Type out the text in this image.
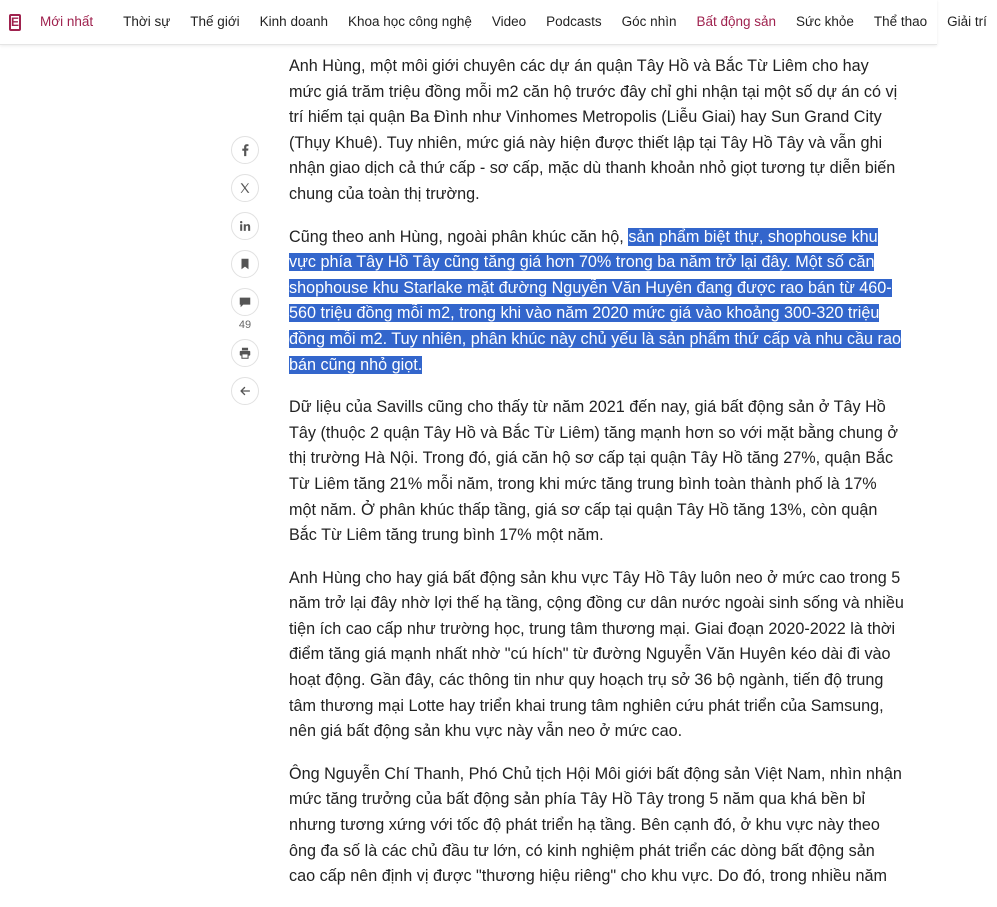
E Mới nhất	Thời sự	Thế giới	Kinh doanh	Khoa học công nghệ	Video	Podcasts	Góc nhìn	Bất động sản	Sức khỏe	Thể thao	Giải trí
49

Anh Hùng, một môi giới chuyên các dự án quận Tây Hồ và Bắc Từ Liêm cho hay mức giá trăm triệu đồng mỗi m2 căn hộ trước đây chỉ ghi nhận tại một số dự án có vị trí hiếm tại quận Ba Đình như Vinhomes Metropolis (Liễu Giai) hay Sun Grand City (Thụy Khuê). Tuy nhiên, mức giá này hiện được thiết lập tại Tây Hồ Tây và vẫn ghi nhận giao dịch cả thứ cấp - sơ cấp, mặc dù thanh khoản nhỏ giọt tương tự diễn biến chung của toàn thị trường.

Cũng theo anh Hùng, ngoài phân khúc căn hộ, sản phẩm biệt thự, shophouse khu vực phía Tây Hồ Tây cũng tăng giá hơn 70% trong ba năm trở lại đây. Một số căn shophouse khu Starlake mặt đường Nguyễn Văn Huyên đang được rao bán từ 460-560 triệu đồng mỗi m2, trong khi vào năm 2020 mức giá vào khoảng 300-320 triệu đồng mỗi m2. Tuy nhiên, phân khúc này chủ yếu là sản phẩm thứ cấp và nhu cầu rao bán cũng nhỏ giọt.

Dữ liệu của Savills cũng cho thấy từ năm 2021 đến nay, giá bất động sản ở Tây Hồ Tây (thuộc 2 quận Tây Hồ và Bắc Từ Liêm) tăng mạnh hơn so với mặt bằng chung ở thị trường Hà Nội. Trong đó, giá căn hộ sơ cấp tại quận Tây Hồ tăng 27%, quận Bắc Từ Liêm tăng 21% mỗi năm, trong khi mức tăng trung bình toàn thành phố là 17% một năm. Ở phân khúc thấp tầng, giá sơ cấp tại quận Tây Hồ tăng 13%, còn quận Bắc Từ Liêm tăng trung bình 17% một năm.

Anh Hùng cho hay giá bất động sản khu vực Tây Hồ Tây luôn neo ở mức cao trong 5 năm trở lại đây nhờ lợi thế hạ tầng, cộng đồng cư dân nước ngoài sinh sống và nhiều tiện ích cao cấp như trường học, trung tâm thương mại. Giai đoạn 2020-2022 là thời điểm tăng giá mạnh nhất nhờ "cú hích" từ đường Nguyễn Văn Huyên kéo dài đi vào hoạt động. Gần đây, các thông tin như quy hoạch trụ sở 36 bộ ngành, tiến độ trung tâm thương mại Lotte hay triển khai trung tâm nghiên cứu phát triển của Samsung, nên giá bất động sản khu vực này vẫn neo ở mức cao.

Ông Nguyễn Chí Thanh, Phó Chủ tịch Hội Môi giới bất động sản Việt Nam, nhìn nhận mức tăng trưởng của bất động sản phía Tây Hồ Tây trong 5 năm qua khá bền bỉ nhưng tương xứng với tốc độ phát triển hạ tầng. Bên cạnh đó, ở khu vực này theo ông đa số là các chủ đầu tư lớn, có kinh nghiệm phát triển các dòng bất động sản cao cấp nên định vị được "thương hiệu riêng" cho khu vực. Do đó, trong nhiều năm
